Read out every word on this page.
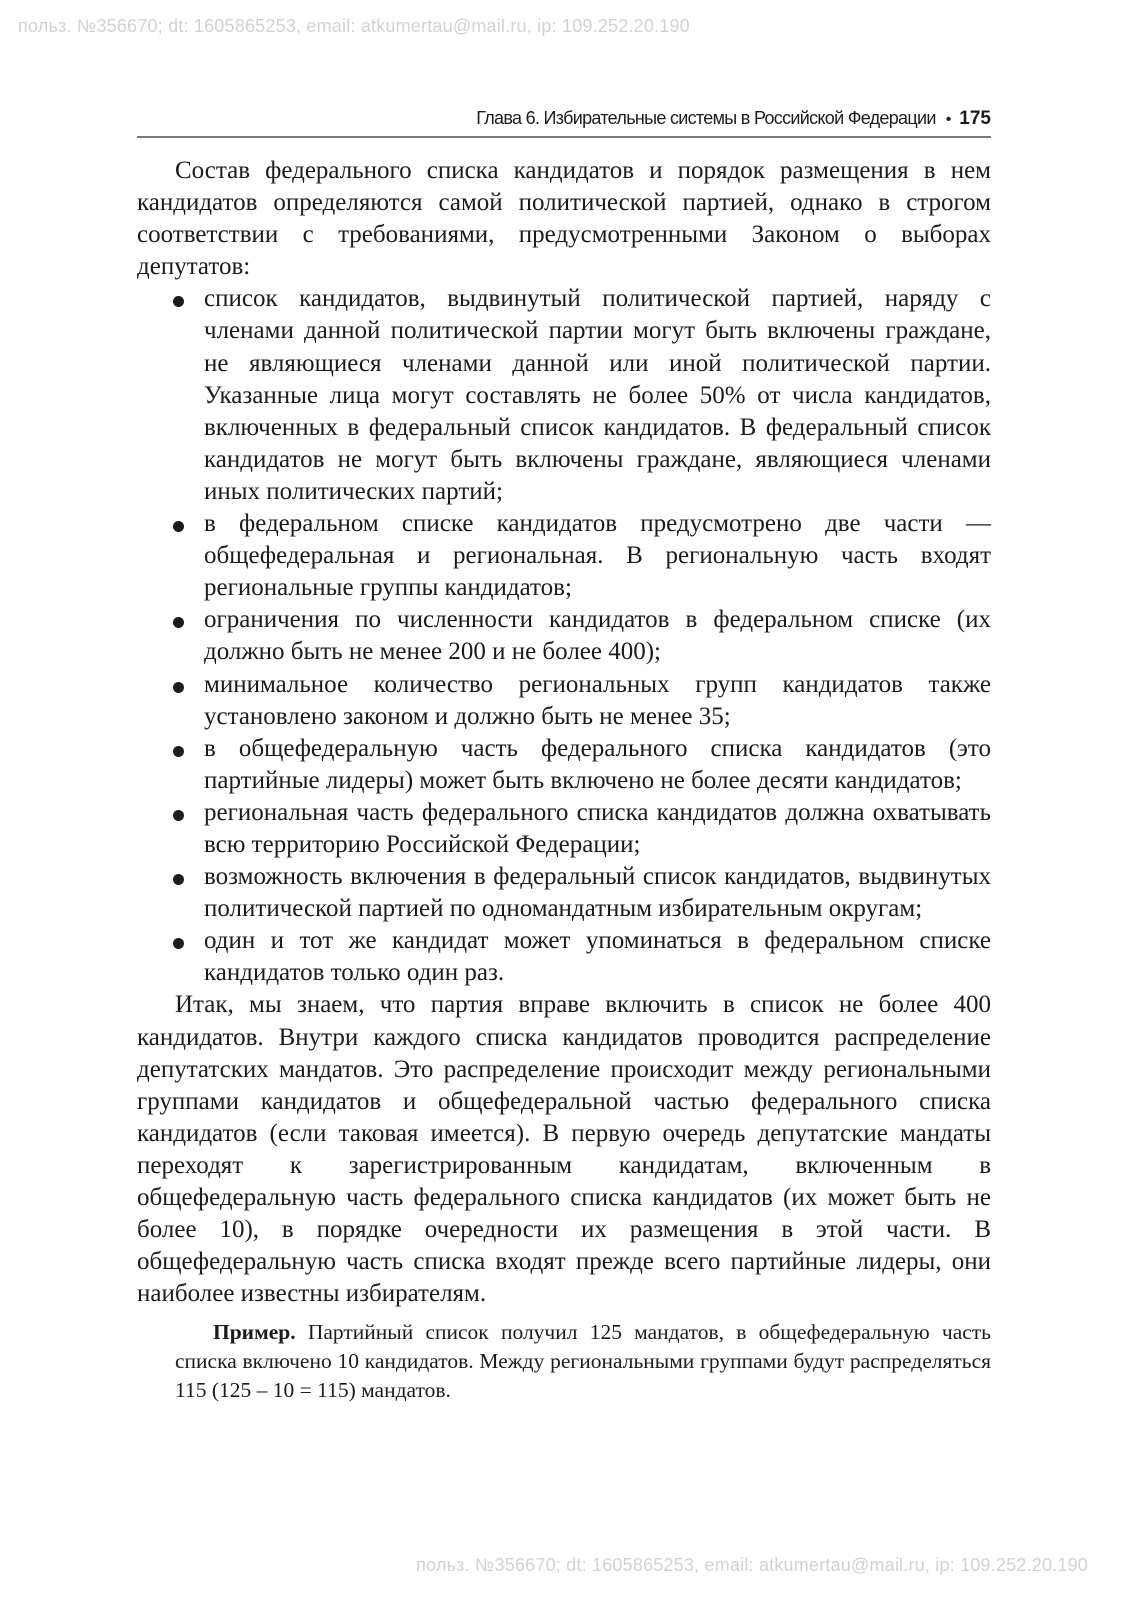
польз. №356670; dt: 1605865253, email: atkumertau@mail.ru, ip: 109.252.20.190
Глава 6. Избирательные системы в Российской Федерации • 175

Состав федерального списка кандидатов и порядок размещения в нем кандидатов определяются самой политической партией, однако в строгом соответствии с требованиями, предусмотренными Законом о выборах депутатов:

список кандидатов, выдвинутый политической партией, наряду с членами данной политической партии могут быть включены граждане, не являющиеся членами данной или иной политической партии. Указанные лица могут составлять не более 50% от числа кандидатов, включенных в федеральный список кандидатов. В федеральный список кандидатов не могут быть включены граждане, являющиеся членами иных политических партий;
в федеральном списке кандидатов предусмотрено две части — общефедеральная и региональная. В региональную часть входят региональные группы кандидатов;
ограничения по численности кандидатов в федеральном списке (их должно быть не менее 200 и не более 400);
минимальное количество региональных групп кандидатов также установлено законом и должно быть не менее 35;
в общефедеральную часть федерального списка кандидатов (это партийные лидеры) может быть включено не более десяти кандидатов;
региональная часть федерального списка кандидатов должна охватывать всю территорию Российской Федерации;
возможность включения в федеральный список кандидатов, выдвинутых политической партией по одномандатным избирательным округам;
один и тот же кандидат может упоминаться в федеральном списке кандидатов только один раз.

Итак, мы знаем, что партия вправе включить в список не более 400 кандидатов. Внутри каждого списка кандидатов проводится распределение депутатских мандатов. Это распределение происходит между региональными группами кандидатов и общефедеральной частью федерального списка кандидатов (если таковая имеется). В первую очередь депутатские мандаты переходят к зарегистрированным кандидатам, включенным в общефедеральную часть федерального списка кандидатов (их может быть не более 10), в порядке очередности их размещения в этой части. В общефедеральную часть списка входят прежде всего партийные лидеры, они наиболее известны избирателям.

Пример. Партийный список получил 125 мандатов, в общефедеральную часть списка включено 10 кандидатов. Между региональными группами будут распределяться 115 (125 – 10 = 115) мандатов.

польз. №356670; dt: 1605865253, email: atkumertau@mail.ru, ip: 109.252.20.190
